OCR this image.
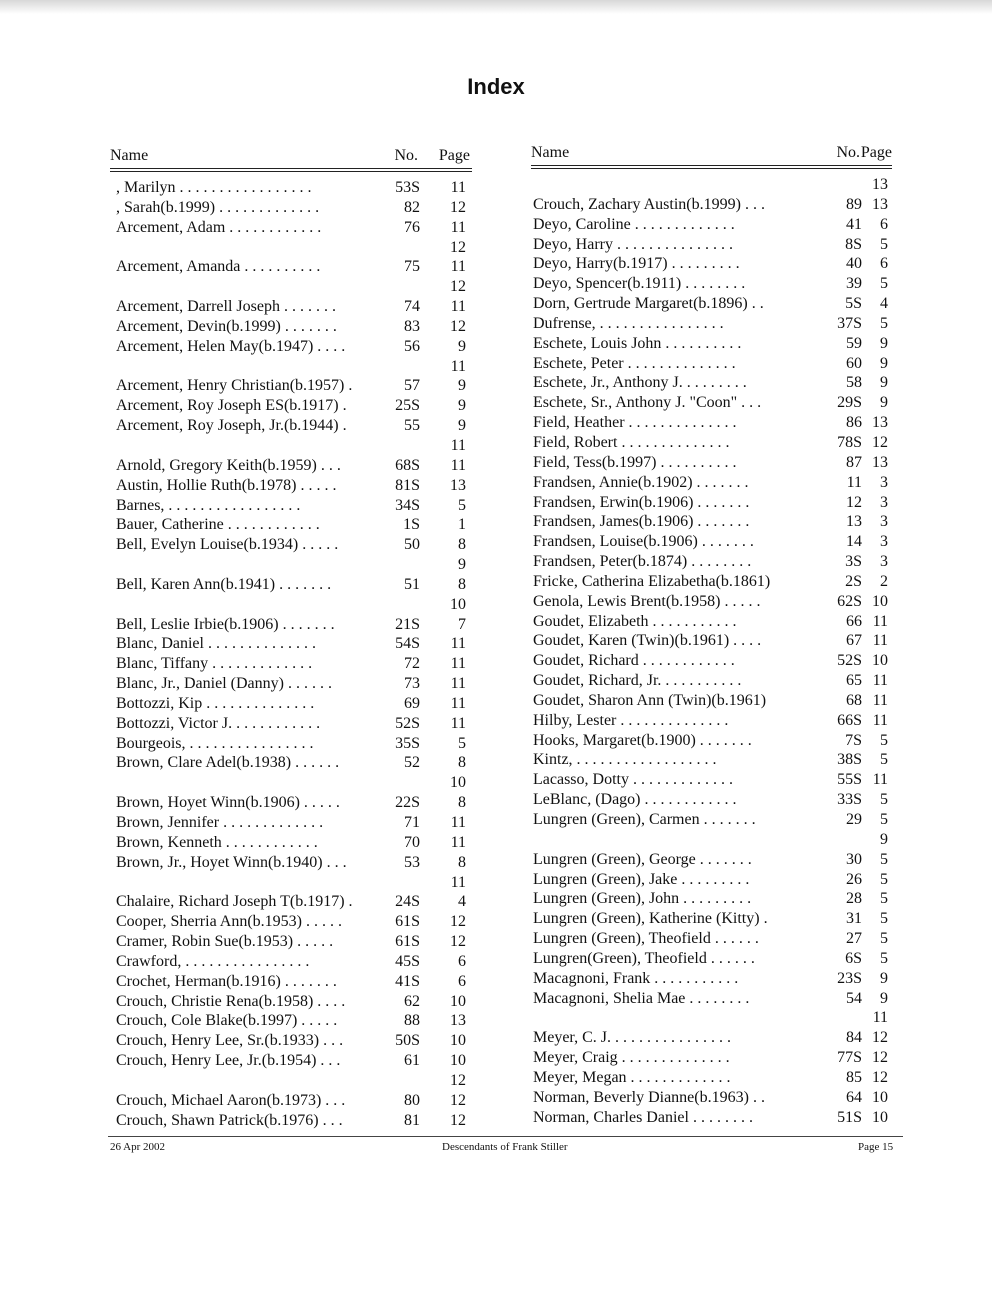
Index
Name	No. Page
, Marilyn . . . . . . . . . . . . . . . . .	53S 11
, Sarah(b.1999) . . . . . . . . . . . . .	82 12
Arcement, Adam . . . . . . . . . . . .	76 11
12
Arcement, Amanda . . . . . . . . . .	75 11
12
Arcement, Darrell Joseph . . . . . . .	74 11
Arcement, Devin(b.1999) . . . . . . .	83 12
Arcement, Helen May(b.1947) . . . .	56 9
11
Arcement, Henry Christian(b.1957) .	57 9
Arcement, Roy Joseph ES(b.1917) .	25S 9
Arcement, Roy Joseph, Jr.(b.1944) .	55 9
11
Arnold, Gregory Keith(b.1959) . . .	68S 11
Austin, Hollie Ruth(b.1978) . . . . .	81S 13
Barnes, . . . . . . . . . . . . . . . . .	34S 5
Bauer, Catherine . . . . . . . . . . . .	1S 1
Bell, Evelyn Louise(b.1934) . . . . .	50 8
9
Bell, Karen Ann(b.1941) . . . . . . .	51 8
10
Bell, Leslie Irbie(b.1906) . . . . . . .	21S 7
Blanc, Daniel . . . . . . . . . . . . . .	54S 11
Blanc, Tiffany . . . . . . . . . . . . .	72 11
Blanc, Jr., Daniel (Danny) . . . . . .	73 11
Bottozzi, Kip . . . . . . . . . . . . . .	69 11
Bottozzi, Victor J. . . . . . . . . . . .	52S 11
Bourgeois, . . . . . . . . . . . . . . . .	35S 5
Brown, Clare Adel(b.1938) . . . . . .	52 8
10
Brown, Hoyet Winn(b.1906) . . . . .	22S 8
Brown, Jennifer . . . . . . . . . . . . .	71 11
Brown, Kenneth . . . . . . . . . . . .	70 11
Brown, Jr., Hoyet Winn(b.1940) . . .	53 8
11
Chalaire, Richard Joseph T(b.1917) .	24S 4
Cooper, Sherria Ann(b.1953) . . . . .	61S 12
Cramer, Robin Sue(b.1953) . . . . .	61S 12
Crawford, . . . . . . . . . . . . . . . .	45S 6
Crochet, Herman(b.1916) . . . . . . .	41S 6
Crouch, Christie Rena(b.1958) . . . .	62 10
Crouch, Cole Blake(b.1997) . . . . .	88 13
Crouch, Henry Lee, Sr.(b.1933) . . .	50S 10
Crouch, Henry Lee, Jr.(b.1954) . . .	61 10
12
Crouch, Michael Aaron(b.1973) . . .	80 12
Crouch, Shawn Patrick(b.1976) . . .	81 12
Name	No. Page
13
Crouch, Zachary Austin(b.1999) . . .	89 13
Deyo, Caroline . . . . . . . . . . . . .	41 6
Deyo, Harry . . . . . . . . . . . . . . .	8S 5
Deyo, Harry(b.1917) . . . . . . . . .	40 6
Deyo, Spencer(b.1911) . . . . . . . .	39 5
Dorn, Gertrude Margaret(b.1896) . .	5S 4
Dufrense, . . . . . . . . . . . . . . . .	37S 5
Eschete, Louis John . . . . . . . . . .	59 9
Eschete, Peter . . . . . . . . . . . . . .	60 9
Eschete, Jr., Anthony J. . . . . . . . .	58 9
Eschete, Sr., Anthony J. "Coon" . . .	29S 9
Field, Heather . . . . . . . . . . . . . .	86 13
Field, Robert . . . . . . . . . . . . . .	78S 12
Field, Tess(b.1997) . . . . . . . . . .	87 13
Frandsen, Annie(b.1902) . . . . . . .	11 3
Frandsen, Erwin(b.1906) . . . . . . .	12 3
Frandsen, James(b.1906) . . . . . . .	13 3
Frandsen, Louise(b.1906) . . . . . . .	14 3
Frandsen, Peter(b.1874) . . . . . . . .	3S 3
Fricke, Catherina Elizabetha(b.1861)	2S 2
Genola, Lewis Brent(b.1958) . . . . .	62S 10
Goudet, Elizabeth . . . . . . . . . . .	66 11
Goudet, Karen (Twin)(b.1961) . . . .	67 11
Goudet, Richard . . . . . . . . . . . .	52S 10
Goudet, Richard, Jr. . . . . . . . . . .	65 11
Goudet, Sharon Ann (Twin)(b.1961)	68 11
Hilby, Lester . . . . . . . . . . . . . .	66S 11
Hooks, Margaret(b.1900) . . . . . . .	7S 5
Kintz, . . . . . . . . . . . . . . . . . .	38S 5
Lacasso, Dotty . . . . . . . . . . . . .	55S 11
LeBlanc, (Dago) . . . . . . . . . . . .	33S 5
Lungren (Green), Carmen . . . . . . .	29 5
9
Lungren (Green), George . . . . . . .	30 5
Lungren (Green), Jake . . . . . . . . .	26 5
Lungren (Green), John . . . . . . . . .	28 5
Lungren (Green), Katherine (Kitty) .	31 5
Lungren (Green), Theofield . . . . . .	27 5
Lungren(Green), Theofield . . . . . .	6S 5
Macagnoni, Frank . . . . . . . . . . .	23S 9
Macagnoni, Shelia Mae . . . . . . . .	54 9
11
Meyer, C. J. . . . . . . . . . . . . . . .	84 12
Meyer, Craig . . . . . . . . . . . . . .	77S 12
Meyer, Megan . . . . . . . . . . . . .	85 12
Norman, Beverly Dianne(b.1963) . .	64 10
Norman, Charles Daniel . . . . . . . .	51S 10
26 Apr 2002	Descendants of Frank Stiller	Page 15
